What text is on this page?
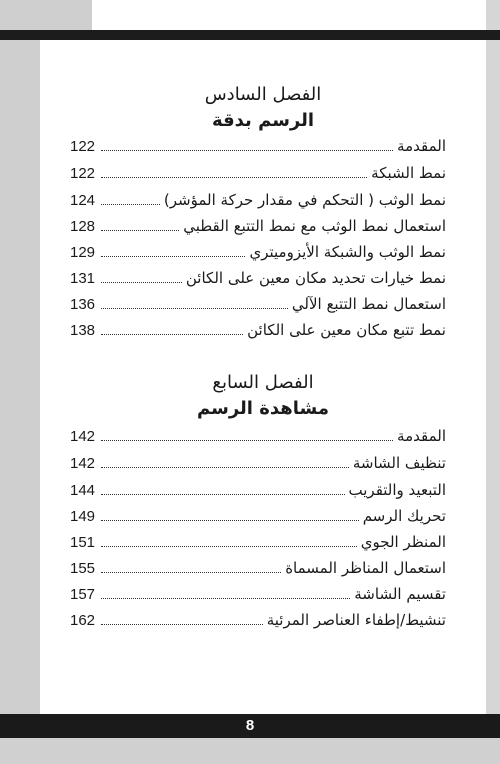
الفصل السادس
الرسم بدقة
المقدمة
122
نمط الشبكة
122
نمط الوثب ( التحكم في مقدار حركة المؤشر)
124
استعمال نمط الوثب مع نمط التتبع القطبي
128
نمط الوثب والشبكة الأيزوميتري
129
نمط خيارات تحديد مكان معين على الكائن
131
استعمال نمط التتبع الآلي
136
نمط تتبع مكان معين على الكائن
138
الفصل السابع
مشاهدة الرسم
المقدمة
142
تنظيف الشاشة
142
التبعيد والتقريب
144
تحريك الرسم
149
المنظر الجوي
151
استعمال المناظر المسماة
155
تقسيم الشاشة
157
تنشيط/إطفاء العناصر المرئية
162
8
